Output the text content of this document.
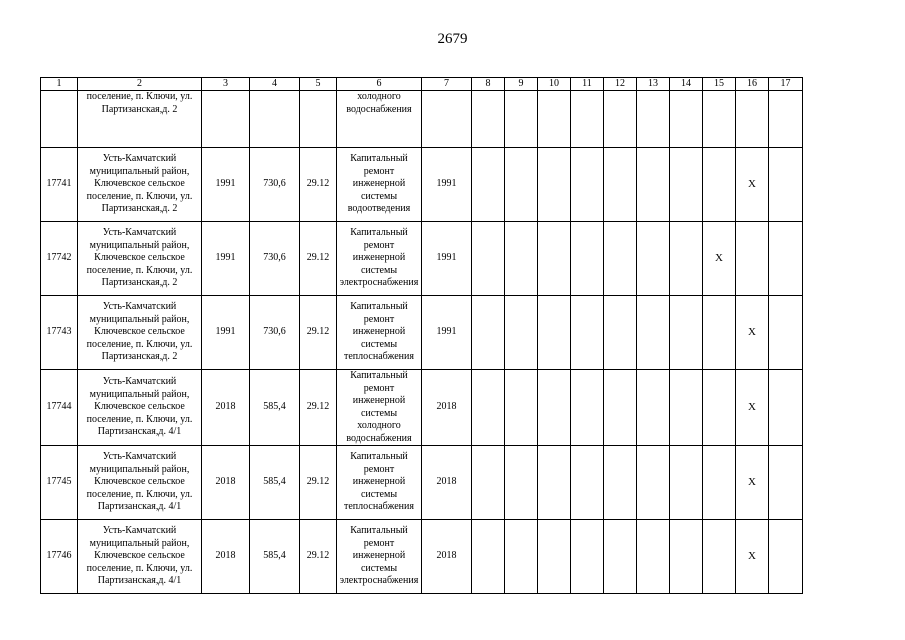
2679
1	2	3	4	5	6	7	8	9	10	11	12	13	14	15	16	17
	поселение, п. Ключи, ул. Партизанская,д. 2				холодного водоснабжения											
17741	Усть-Камчатский муниципальный район, Ключевское сельское поселение, п. Ключи, ул. Партизанская,д. 2	1991	730,6	29.12	Капитальный ремонт инженерной системы водоотведения	1991									Х	
17742	Усть-Камчатский муниципальный район, Ключевское сельское поселение, п. Ключи, ул. Партизанская,д. 2	1991	730,6	29.12	Капитальный ремонт инженерной системы электроснабжения	1991								Х		
17743	Усть-Камчатский муниципальный район, Ключевское сельское поселение, п. Ключи, ул. Партизанская,д. 2	1991	730,6	29.12	Капитальный ремонт инженерной системы теплоснабжения	1991									Х	
17744	Усть-Камчатский муниципальный район, Ключевское сельское поселение, п. Ключи, ул. Партизанская,д. 4/1	2018	585,4	29.12	Капитальный ремонт инженерной системы холодного водоснабжения	2018									Х	
17745	Усть-Камчатский муниципальный район, Ключевское сельское поселение, п. Ключи, ул. Партизанская,д. 4/1	2018	585,4	29.12	Капитальный ремонт инженерной системы теплоснабжения	2018									Х	
17746	Усть-Камчатский муниципальный район, Ключевское сельское поселение, п. Ключи, ул. Партизанская,д. 4/1	2018	585,4	29.12	Капитальный ремонт инженерной системы электроснабжения	2018									Х	
